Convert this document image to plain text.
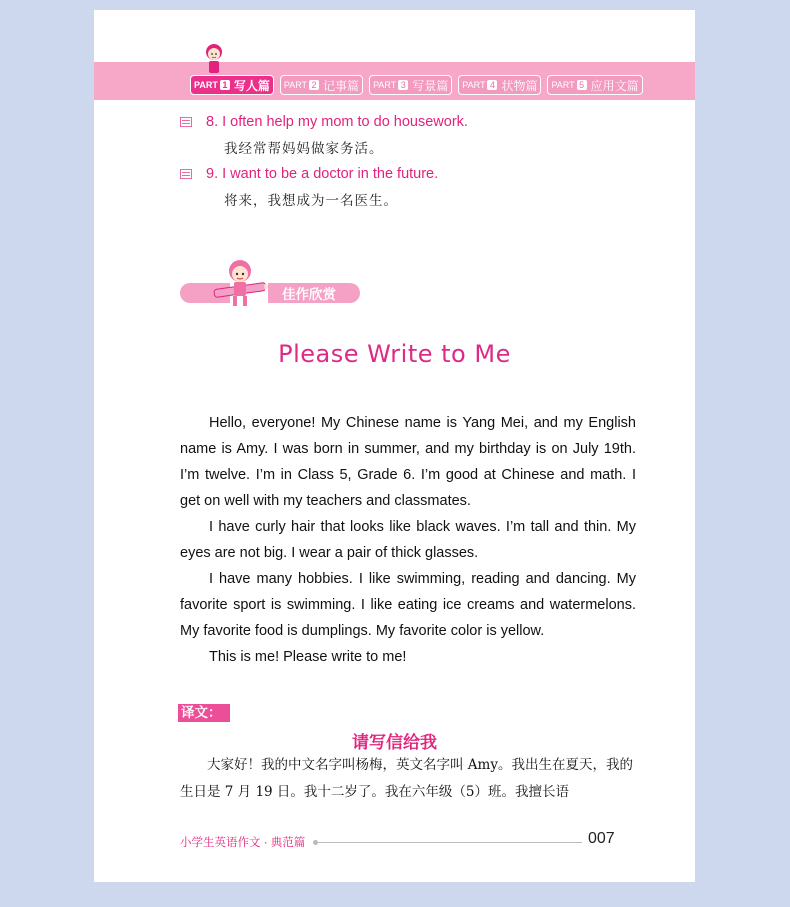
PART 1 写人篇 PART 2 记事篇 PART 3 写景篇 PART 4 状物篇 PART 5 应用文篇
8. I often help my mom to do housework.
我经常帮妈妈做家务活。
9. I want to be a doctor in the future.
将来，我想成为一名医生。
佳作欣赏
Please Write to Me

Hello, everyone! My Chinese name is Yang Mei, and my English name is Amy. I was born in summer, and my birthday is on July 19th. I’m twelve. I’m in Class 5, Grade 6. I’m good at Chinese and math. I get on well with my teachers and classmates.

I have curly hair that looks like black waves. I’m tall and thin. My eyes are not big. I wear a pair of thick glasses.

I have many hobbies. I like swimming, reading and dancing. My favorite sport is swimming. I like eating ice creams and watermelons. My favorite food is dumplings. My favorite color is yellow.

This is me! Please write to me!

译文：
请写信给我

大家好！我的中文名字叫杨梅，英文名字叫 Amy。我出生在夏天，我的生日是 7 月 19 日。我十二岁了。我在六年级（5）班。我擅长语

小学生英语作文 · 典范篇	007
